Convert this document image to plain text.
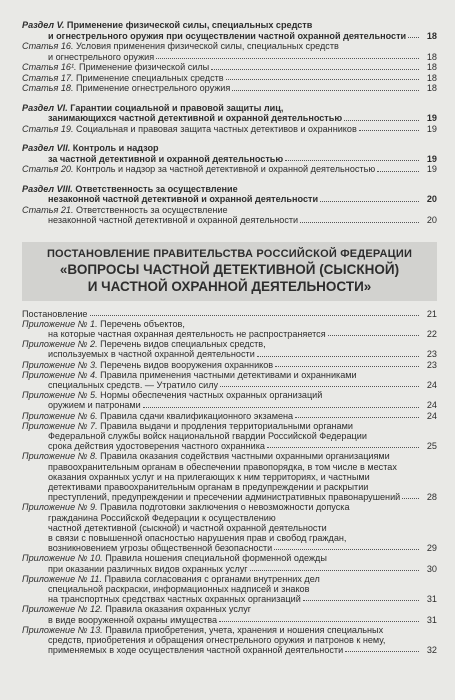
Раздел V. Применение физической силы, специальных средств
и огнестрельного оружия при осуществлении частной охранной деятельности	18
Статья 16. Условия применения физической силы, специальных средств
и огнестрельного оружия	18
Статья 16¹. Применение физической силы	18
Статья 17. Применение специальных средств	18
Статья 18. Применение огнестрельного оружия	18
Раздел VI. Гарантии социальной и правовой защиты лиц,
занимающихся частной детективной и охранной деятельностью	19
Статья 19. Социальная и правовая защита частных детективов и охранников	19
Раздел VII. Контроль и надзор
за частной детективной и охранной деятельностью	19
Статья 20. Контроль и надзор за частной детективной и охранной деятельностью	19
Раздел VIII. Ответственность за осуществление
незаконной частной детективной и охранной деятельности	20
Статья 21. Ответственность за осуществление
незаконной частной детективной и охранной деятельности	20
ПОСТАНОВЛЕНИЕ ПРАВИТЕЛЬСТВА РОССИЙСКОЙ ФЕДЕРАЦИИ
«ВОПРОСЫ ЧАСТНОЙ ДЕТЕКТИВНОЙ (СЫСКНОЙ)
И ЧАСТНОЙ ОХРАННОЙ ДЕЯТЕЛЬНОСТИ»
Постановление	21
Приложение № 1. Перечень объектов,
на которые частная охранная деятельность не распространяется	22
Приложение № 2. Перечень видов специальных средств,
используемых в частной охранной деятельности	23
Приложение № 3. Перечень видов вооружения охранников	23
Приложение № 4. Правила применения частными детективами и охранниками
специальных средств. — Утратило силу	24
Приложение № 5. Нормы обеспечения частных охранных организаций
оружием и патронами	24
Приложение № 6. Правила сдачи квалификационного экзамена	24
Приложение № 7. Правила выдачи и продления территориальными органами
Федеральной службы войск национальной гвардии Российской Федерации
срока действия удостоверения частного охранника	25
Приложение № 8. Правила оказания содействия частными охранными организациями
правоохранительным органам в обеспечении правопорядка, в том числе в местах
оказания охранных услуг и на прилегающих к ним территориях, и частными
детективами правоохранительным органам в предупреждении и раскрытии
преступлений, предупреждении и пресечении административных правонарушений	28
Приложение № 9. Правила подготовки заключения о невозможности допуска
гражданина Российской Федерации к осуществлению
частной детективной (сыскной) и частной охранной деятельности
в связи с повышенной опасностью нарушения прав и свобод граждан,
возникновением угрозы общественной безопасности	29
Приложение № 10. Правила ношения специальной форменной одежды
при оказании различных видов охранных услуг	30
Приложение № 11. Правила согласования с органами внутренних дел
специальной раскраски, информационных надписей и знаков
на транспортных средствах частных охранных организаций	31
Приложение № 12. Правила оказания охранных услуг
в виде вооруженной охраны имущества	31
Приложение № 13. Правила приобретения, учета, хранения и ношения специальных
средств, приобретения и обращения огнестрельного оружия и патронов к нему,
применяемых в ходе осуществления частной охранной деятельности	32
